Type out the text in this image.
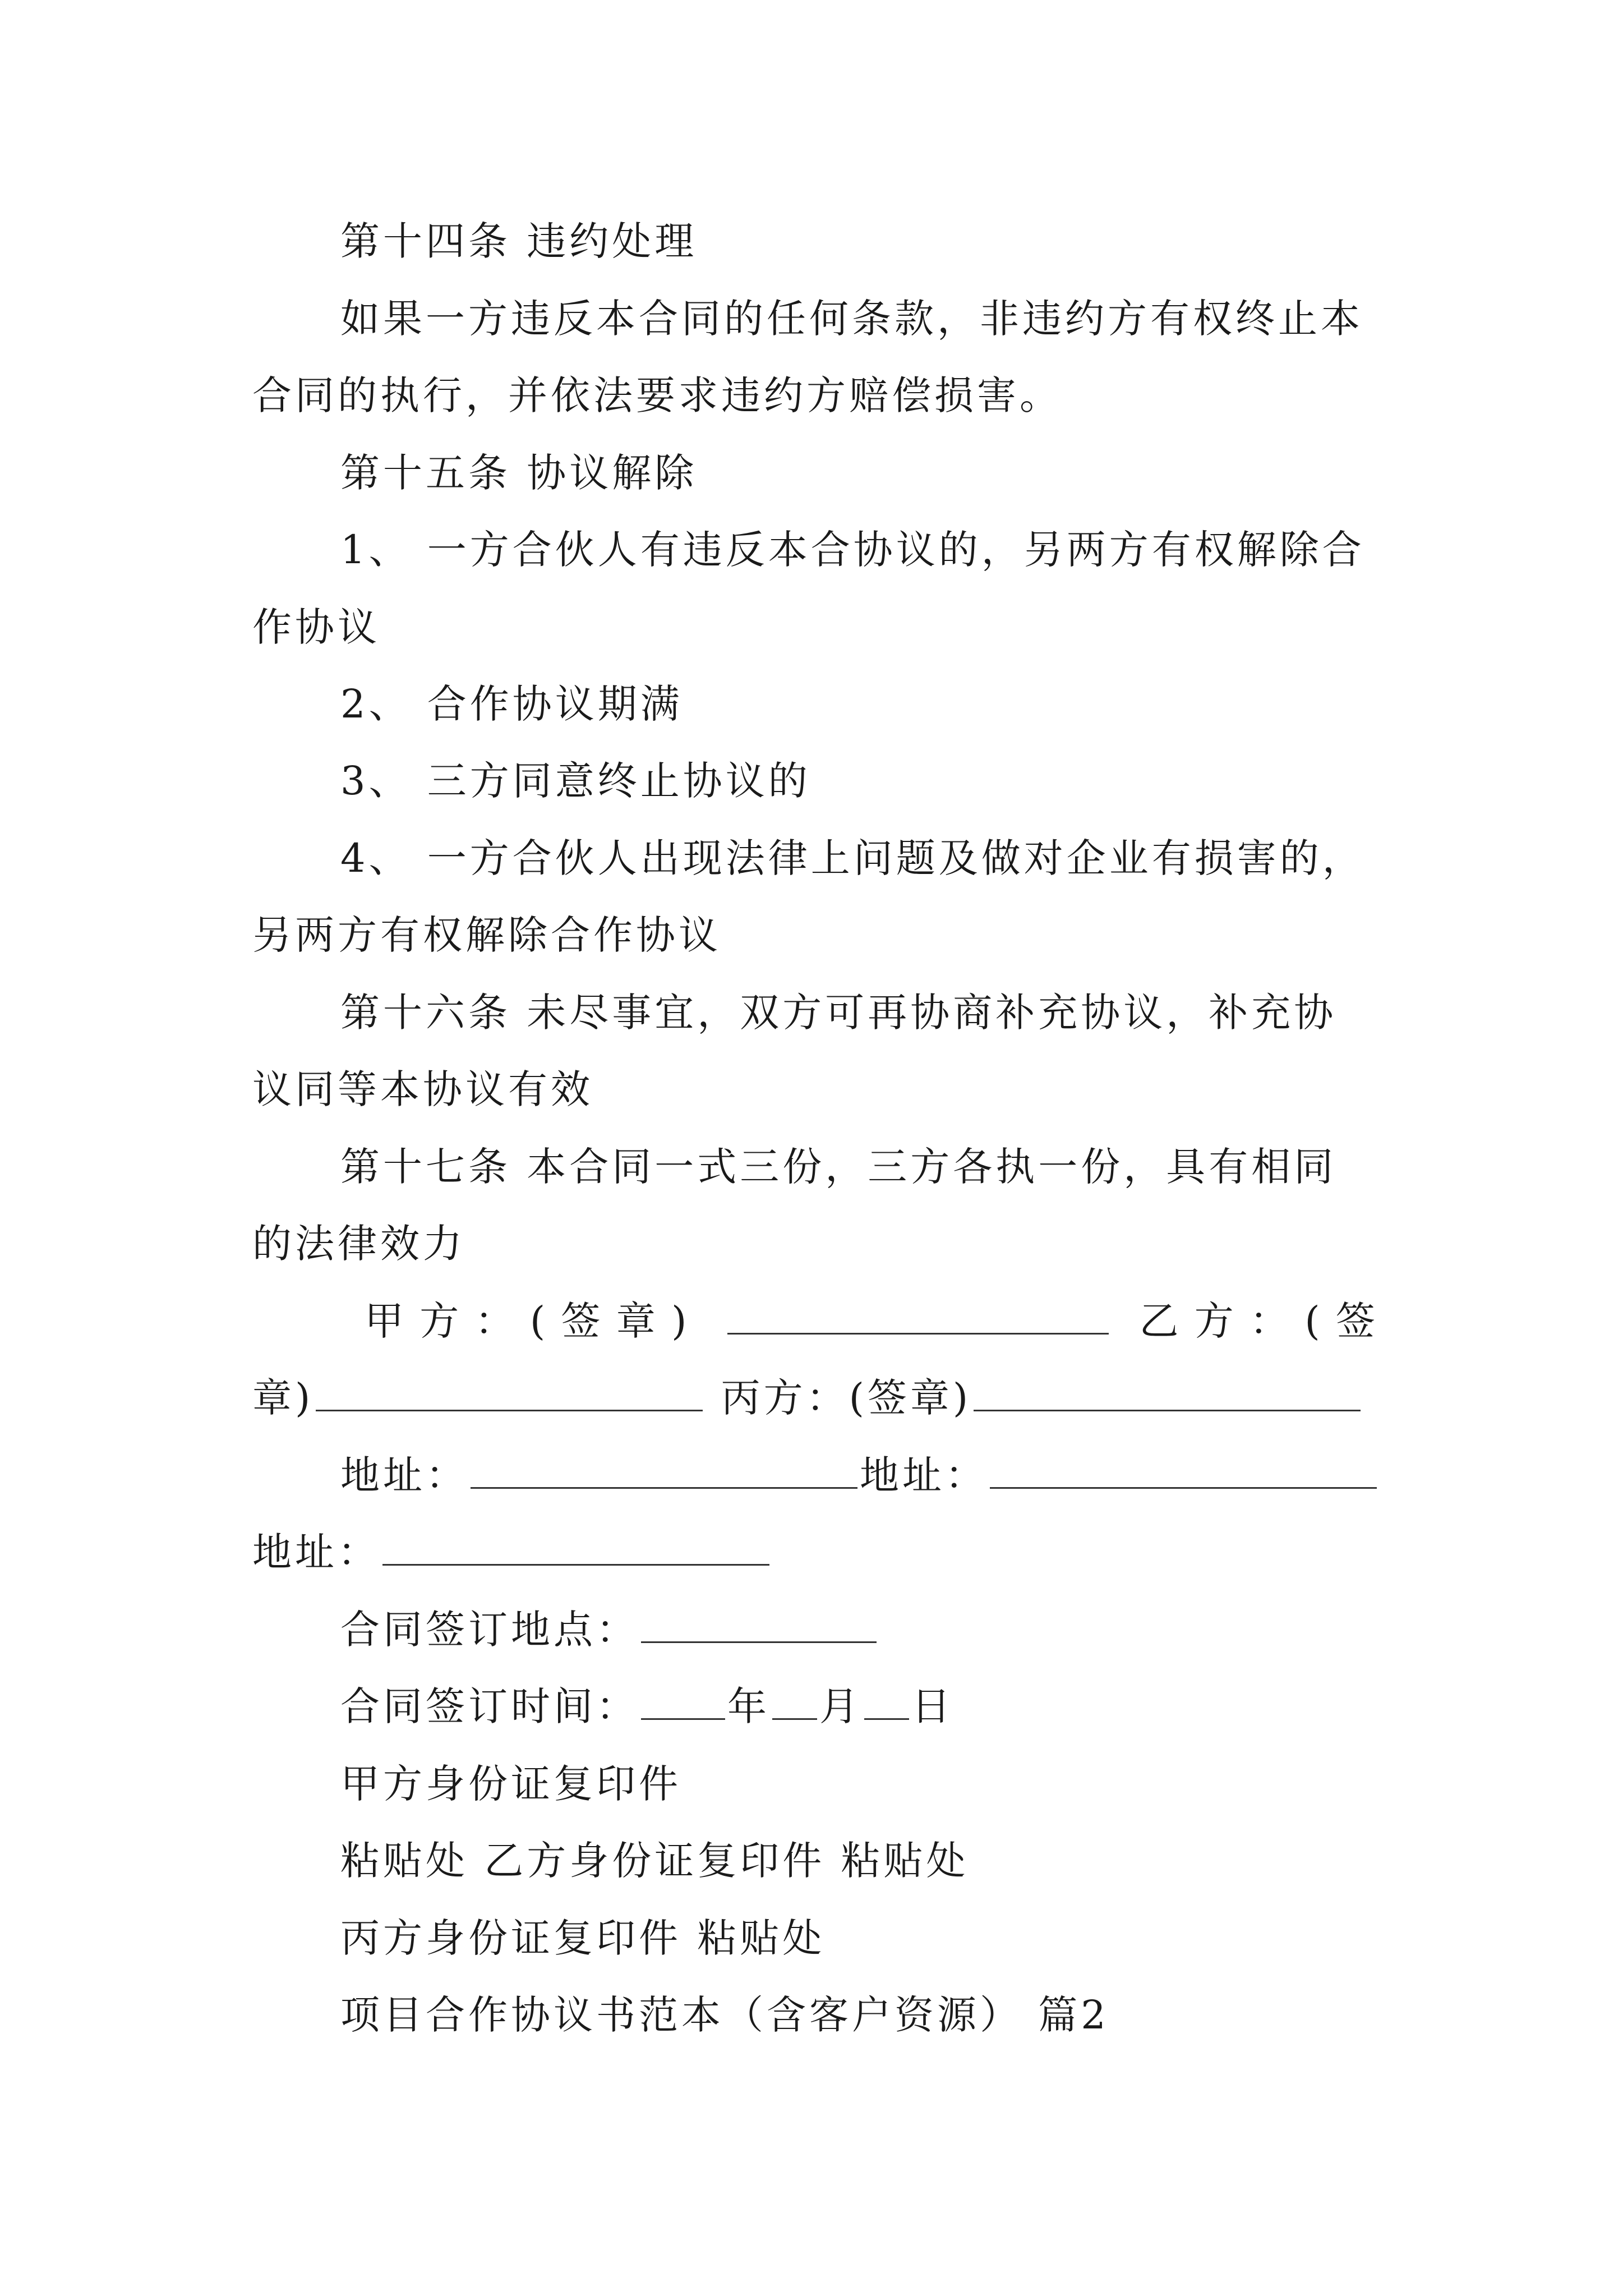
第十四条 违约处理
如果一方违反本合同的任何条款，非违约方有权终止本
合同的执行，并依法要求违约方赔偿损害。
第十五条 协议解除
1、 一方合伙人有违反本合协议的，另两方有权解除合
作协议
2、 合作协议期满
3、 三方同意终止协议的
4、 一方合伙人出现法律上问题及做对企业有损害的，
另两方有权解除合作协议
第十六条 未尽事宜，双方可再协商补充协议，补充协
议同等本协议有效
第十七条 本合同一式三份，三方各执一份，具有相同
的法律效力
甲方：(签章)	乙方：(签
章)	丙方：(签章)
地址：	地址：
地址：
合同签订地点：
合同签订时间： 年 月 日
甲方身份证复印件
粘贴处 乙方身份证复印件 粘贴处
丙方身份证复印件 粘贴处
项目合作协议书范本（含客户资源） 篇2
